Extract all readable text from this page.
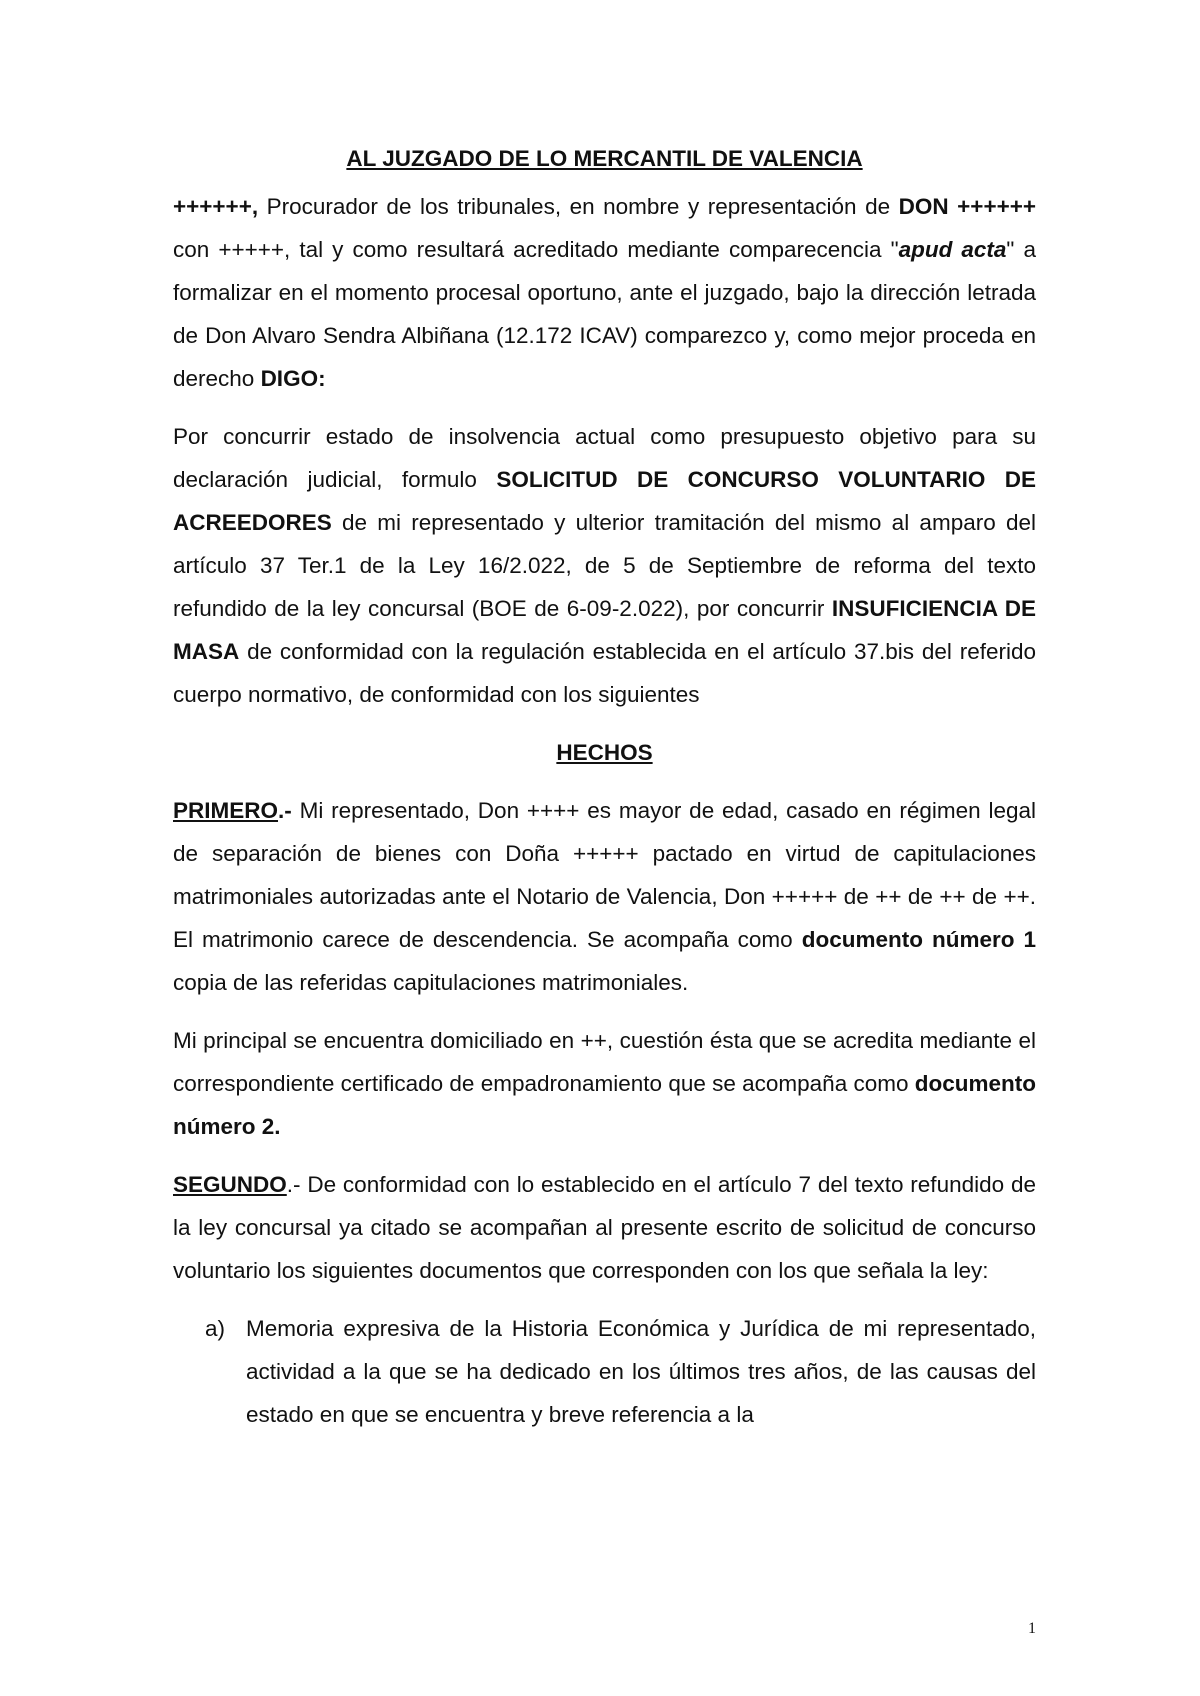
AL JUZGADO DE LO MERCANTIL DE VALENCIA

++++++, Procurador de los tribunales, en nombre y representación de DON ++++++ con +++++, tal y como resultará acreditado mediante comparecencia "apud acta" a formalizar en el momento procesal oportuno, ante el juzgado, bajo la dirección letrada de Don Alvaro Sendra Albiñana (12.172 ICAV) comparezco y, como mejor proceda en derecho DIGO:

Por concurrir estado de insolvencia actual como presupuesto objetivo para su declaración judicial, formulo SOLICITUD DE CONCURSO VOLUNTARIO DE ACREEDORES de mi representado y ulterior tramitación del mismo al amparo del artículo 37 Ter.1 de la Ley 16/2.022, de 5 de Septiembre de reforma del texto refundido de la ley concursal (BOE de 6-09-2.022), por concurrir INSUFICIENCIA DE MASA de conformidad con la regulación establecida en el artículo 37.bis del referido cuerpo normativo, de conformidad con los siguientes

HECHOS

PRIMERO.- Mi representado, Don ++++ es mayor de edad, casado en régimen legal de separación de bienes con Doña +++++ pactado en virtud de capitulaciones matrimoniales autorizadas ante el Notario de Valencia, Don +++++ de ++ de ++ de ++. El matrimonio carece de descendencia. Se acompaña como documento número 1 copia de las referidas capitulaciones matrimoniales.

Mi principal se encuentra domiciliado en ++, cuestión ésta que se acredita mediante el correspondiente certificado de empadronamiento que se acompaña como documento número 2.

SEGUNDO.- De conformidad con lo establecido en el artículo 7 del texto refundido de la ley concursal ya citado se acompañan al presente escrito de solicitud de concurso voluntario los siguientes documentos que corresponden con los que señala la ley:

a) Memoria expresiva de la Historia Económica y Jurídica de mi representado, actividad a la que se ha dedicado en los últimos tres años, de las causas del estado en que se encuentra y breve referencia a la
1
